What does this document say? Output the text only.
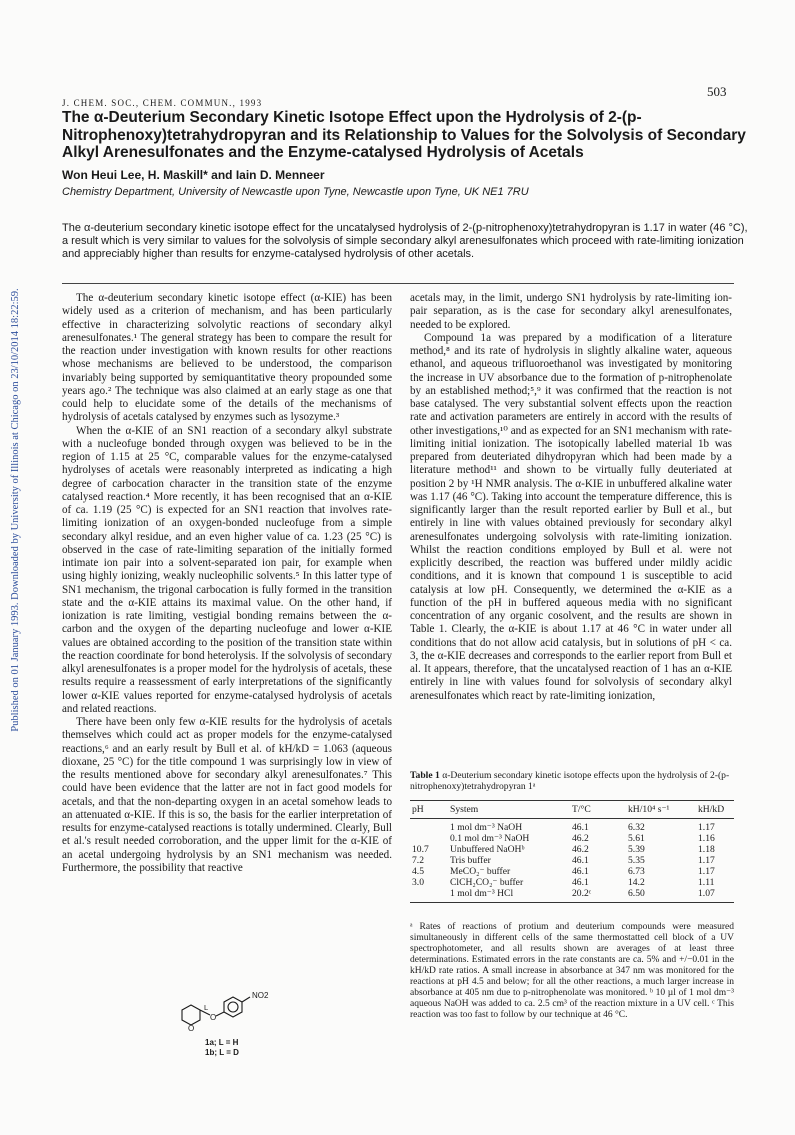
Published on 01 January 1993. Downloaded by University of Illinois at Chicago on 23/10/2014 18:22:59.
J. CHEM. SOC., CHEM. COMMUN., 1993
503
The α-Deuterium Secondary Kinetic Isotope Effect upon the Hydrolysis of 2-(p-Nitrophenoxy)tetrahydropyran and its Relationship to Values for the Solvolysis of Secondary Alkyl Arenesulfonates and the Enzyme-catalysed Hydrolysis of Acetals
Won Heui Lee, H. Maskill* and Iain D. Menneer
Chemistry Department, University of Newcastle upon Tyne, Newcastle upon Tyne, UK NE1 7RU

The α-deuterium secondary kinetic isotope effect for the uncatalysed hydrolysis of 2-(p-nitrophenoxy)tetrahydropyran is 1.17 in water (46 °C), a result which is very similar to values for the solvolysis of simple secondary alkyl arenesulfonates which proceed with rate-limiting ionization and appreciably higher than results for enzyme-catalysed hydrolysis of other acetals.

The α-deuterium secondary kinetic isotope effect (α-KIE) has been widely used as a criterion of mechanism, and has been particularly effective in characterizing solvolytic reactions of secondary alkyl arenesulfonates.¹ The general strategy has been to compare the result for the reaction under investigation with known results for other reactions whose mechanisms are believed to be understood, the comparison invariably being supported by semiquantitative theory propounded some years ago.² The technique was also claimed at an early stage as one that could help to elucidate some of the details of the mechanisms of hydrolysis of acetals catalysed by enzymes such as lysozyme.³
When the α-KIE of an SN1 reaction of a secondary alkyl substrate with a nucleofuge bonded through oxygen was believed to be in the region of 1.15 at 25 °C, comparable values for the enzyme-catalysed hydrolyses of acetals were reasonably interpreted as indicating a high degree of carbocation character in the transition state of the enzyme catalysed reaction.⁴ More recently, it has been recognised that an α-KIE of ca. 1.19 (25 °C) is expected for an SN1 reaction that involves rate-limiting ionization of an oxygen-bonded nucleofuge from a simple secondary alkyl residue, and an even higher value of ca. 1.23 (25 °C) is observed in the case of rate-limiting separation of the initially formed intimate ion pair into a solvent-separated ion pair, for example when using highly ionizing, weakly nucleophilic solvents.⁵ In this latter type of SN1 mechanism, the trigonal carbocation is fully formed in the transition state and the α-KIE attains its maximal value. On the other hand, if ionization is rate limiting, vestigial bonding remains between the α-carbon and the oxygen of the departing nucleofuge and lower α-KIE values are obtained according to the position of the transition state within the reaction coordinate for bond heterolysis. If the solvolysis of secondary alkyl arenesulfonates is a proper model for the hydrolysis of acetals, these results require a reassessment of early interpretations of the significantly lower α-KIE values reported for enzyme-catalysed hydrolysis of acetals and related reactions.
There have been only few α-KIE results for the hydrolysis of acetals themselves which could act as proper models for the enzyme-catalysed reactions,⁶ and an early result by Bull et al. of kH/kD = 1.063 (aqueous dioxane, 25 °C) for the title compound 1 was surprisingly low in view of the results mentioned above for secondary alkyl arenesulfonates.⁷ This could have been evidence that the latter are not in fact good models for acetals, and that the non-departing oxygen in an acetal somehow leads to an attenuated α-KIE. If this is so, the basis for the earlier interpretation of results for enzyme-catalysed reactions is totally undermined. Clearly, Bull et al.'s result needed corroboration, and the upper limit for the α-KIE of an acetal undergoing hydrolysis by an SN1 mechanism was needed. Furthermore, the possibility that reactive
acetals may, in the limit, undergo SN1 hydrolysis by rate-limiting ion-pair separation, as is the case for secondary alkyl arenesulfonates, needed to be explored.
Compound 1a was prepared by a modification of a literature method,⁸ and its rate of hydrolysis in slightly alkaline water, aqueous ethanol, and aqueous trifluoroethanol was investigated by monitoring the increase in UV absorbance due to the formation of p-nitrophenolate by an established method;⁵,⁹ it was confirmed that the reaction is not base catalysed. The very substantial solvent effects upon the reaction rate and activation parameters are entirely in accord with the results of other investigations,¹⁰ and as expected for an SN1 mechanism with rate-limiting initial ionization. The isotopically labelled material 1b was prepared from deuteriated dihydropyran which had been made by a literature method¹¹ and shown to be virtually fully deuteriated at position 2 by ¹H NMR analysis. The α-KIE in unbuffered alkaline water was 1.17 (46 °C). Taking into account the temperature difference, this is significantly larger than the result reported earlier by Bull et al., but entirely in line with values obtained previously for secondary alkyl arenesulfonates undergoing solvolysis with rate-limiting ionization. Whilst the reaction conditions employed by Bull et al. were not explicitly described, the reaction was buffered under mildly acidic conditions, and it is known that compound 1 is susceptible to acid catalysis at low pH. Consequently, we determined the α-KIE as a function of the pH in buffered aqueous media with no significant concentration of any organic cosolvent, and the results are shown in Table 1. Clearly, the α-KIE is about 1.17 at 46 °C in water under all conditions that do not allow acid catalysis, but in solutions of pH < ca. 3, the α-KIE decreases and corresponds to the earlier report from Bull et al. It appears, therefore, that the uncatalysed reaction of 1 has an α-KIE entirely in line with values found for solvolysis of secondary alkyl arenesulfonates which react by rate-limiting ionization,

Table 1 α-Deuterium secondary kinetic isotope effects upon the hydrolysis of 2-(p-nitrophenoxy)tetrahydropyran 1ᵃ

pH	System	T/°C	kH/10⁴ s⁻¹	kH/kD
	1 mol dm⁻³ NaOH	46.1	6.32	1.17
	0.1 mol dm⁻³ NaOH	46.2	5.61	1.16
10.7	Unbuffered NaOHᵇ	46.2	5.39	1.18
7.2	Tris buffer	46.1	5.35	1.17
4.5	MeCO₂⁻ buffer	46.1	6.73	1.17
3.0	ClCH₂CO₂⁻ buffer	46.1	14.2	1.11
	1 mol dm⁻³ HCl	20.2ᶜ	6.50	1.07

ᵃ Rates of reactions of protium and deuterium compounds were measured simultaneously in different cells of the same thermostatted cell block of a UV spectrophotometer, and all results shown are averages of at least three determinations. Estimated errors in the rate constants are ca. 5% and +/−0.01 in the kH/kD rate ratios. A small increase in absorbance at 347 nm was monitored for the reactions at pH 4.5 and below; for all the other reactions, a much larger increase in absorbance at 405 nm due to p-nitrophenolate was monitored. ᵇ 10 µl of 1 mol dm⁻³ aqueous NaOH was added to ca. 2.5 cm³ of the reaction mixture in a UV cell. ᶜ This reaction was too fast to follow by our technique at 46 °C.

NO2
L
O
O
1a; L = H
1b; L = D
